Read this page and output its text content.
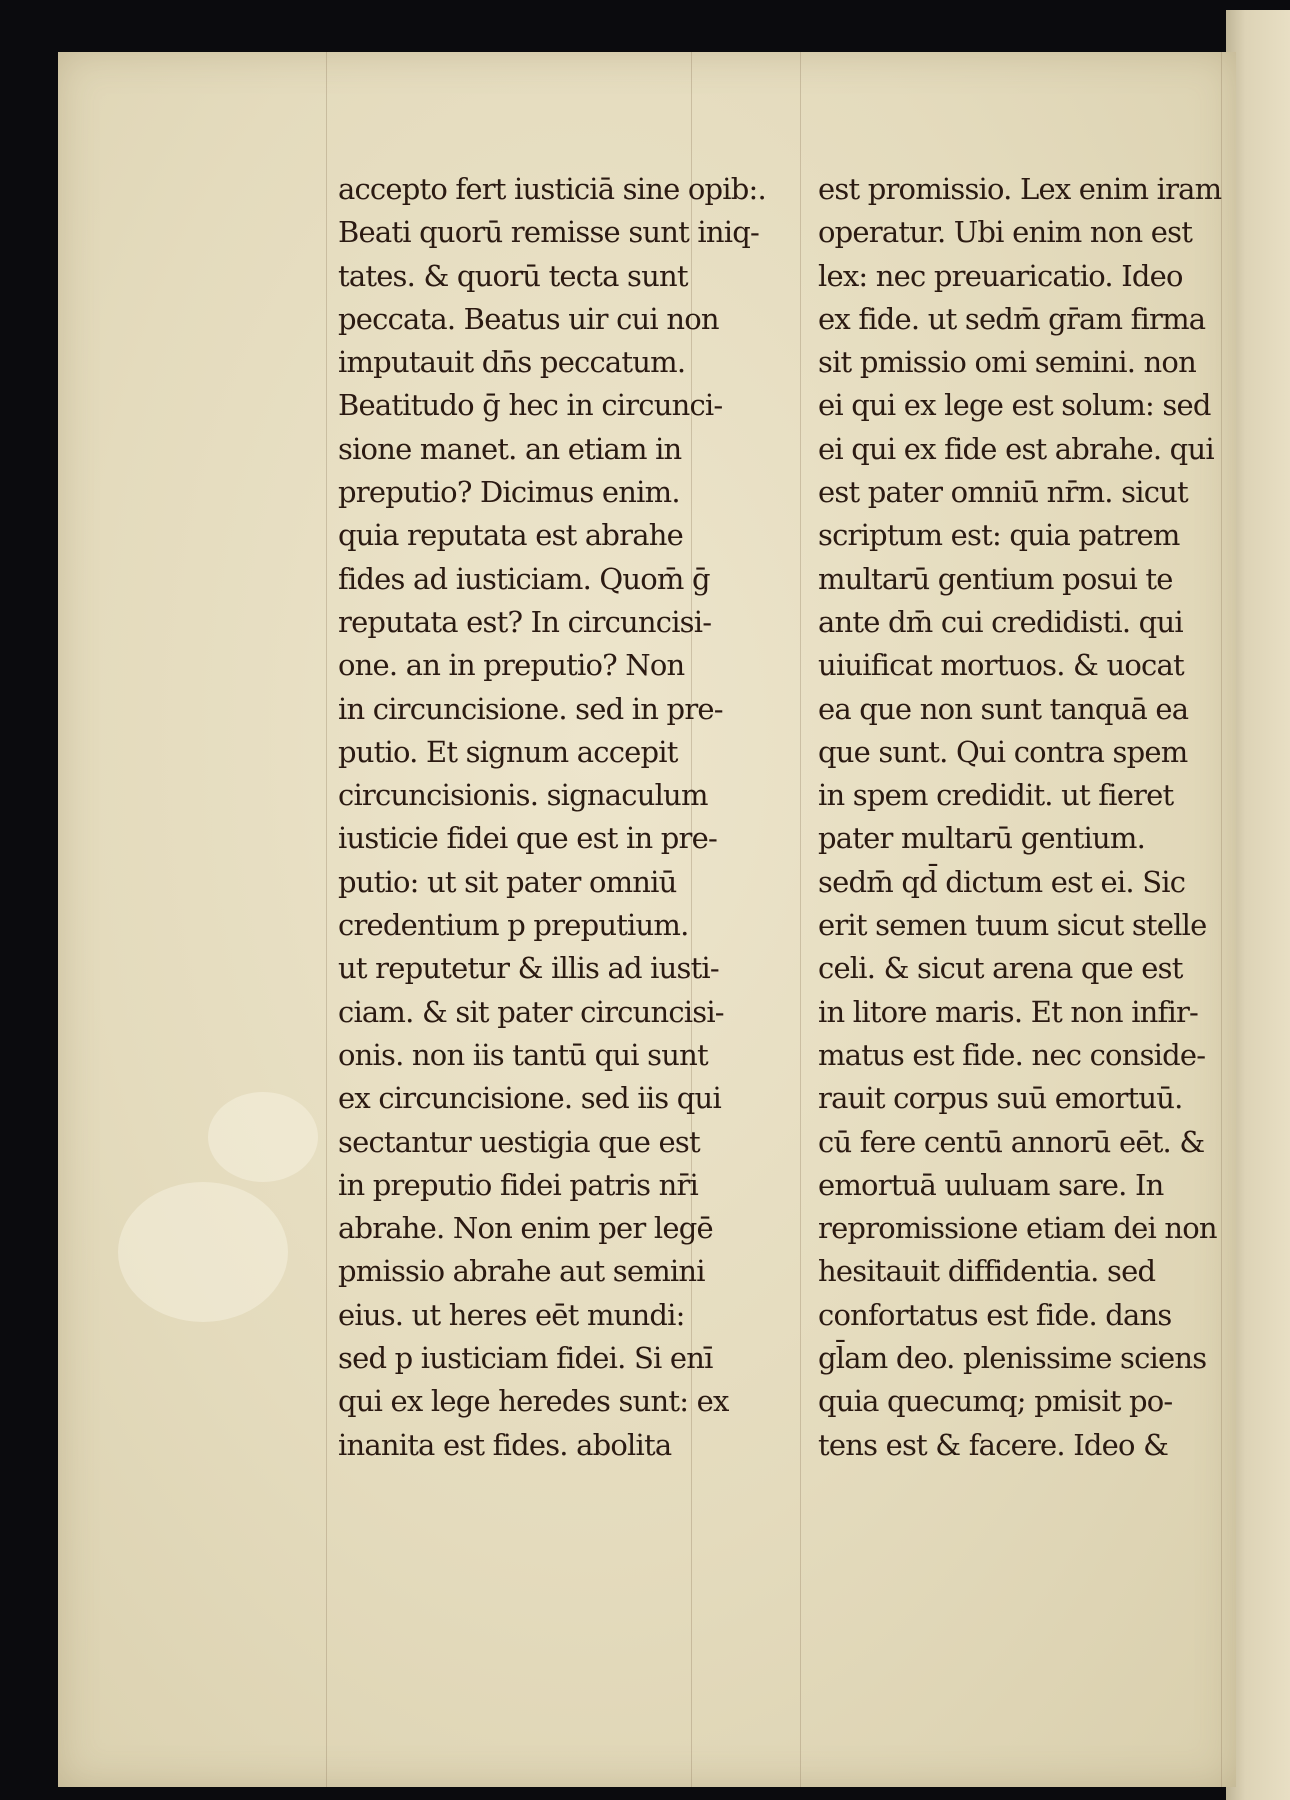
accepto fert iusticiā sine opib:.
Beati quorū remisse sunt iniq-
tates. & quorū tecta sunt
peccata. Beatus uir cui non
imputauit dn̄s peccatum.
Beatitudo ḡ hec in circunci-
sione manet. an etiam in
preputio? Dicimus enim.
quia reputata est abrahe
fides ad iusticiam. Quom̄ ḡ
reputata est? In circuncisi-
one. an in preputio? Non
in circuncisione. sed in pre-
putio. Et signum accepit
circuncisionis. signaculum
iusticie fidei que est in pre-
putio: ut sit pater omniū
credentium p preputium.
ut reputetur & illis ad iusti-
ciam. & sit pater circuncisi-
onis. non iis tantū qui sunt
ex circuncisione. sed iis qui
sectantur uestigia que est
in preputio fidei patris nr̄i
abrahe. Non enim per legē
pmissio abrahe aut semini
eius. ut heres eēt mundi:
sed p iusticiam fidei. Si enī
qui ex lege heredes sunt: ex
inanita est fides. abolita
est promissio. Lex enim iram
operatur. Ubi enim non est
lex: nec preuaricatio. Ideo
ex fide. ut sedm̄ gr̄am firma
sit pmissio omi semini. non
ei qui ex lege est solum: sed
ei qui ex fide est abrahe. qui
est pater omniū nr̄m. sicut
scriptum est: quia patrem
multarū gentium posui te
ante dm̄ cui credidisti. qui
uiuificat mortuos. & uocat
ea que non sunt tanquā ea
que sunt. Qui contra spem
in spem credidit. ut fieret
pater multarū gentium.
sedm̄ qd̄ dictum est ei. Sic
erit semen tuum sicut stelle
celi. & sicut arena que est
in litore maris. Et non infir-
matus est fide. nec conside-
rauit corpus suū emortuū.
cū fere centū annorū eēt. &
emortuā uuluam sare. In
repromissione etiam dei non
hesitauit diffidentia. sed
confortatus est fide. dans
gl̄am deo. plenissime sciens
quia quecumq; pmisit po-
tens est & facere. Ideo &
